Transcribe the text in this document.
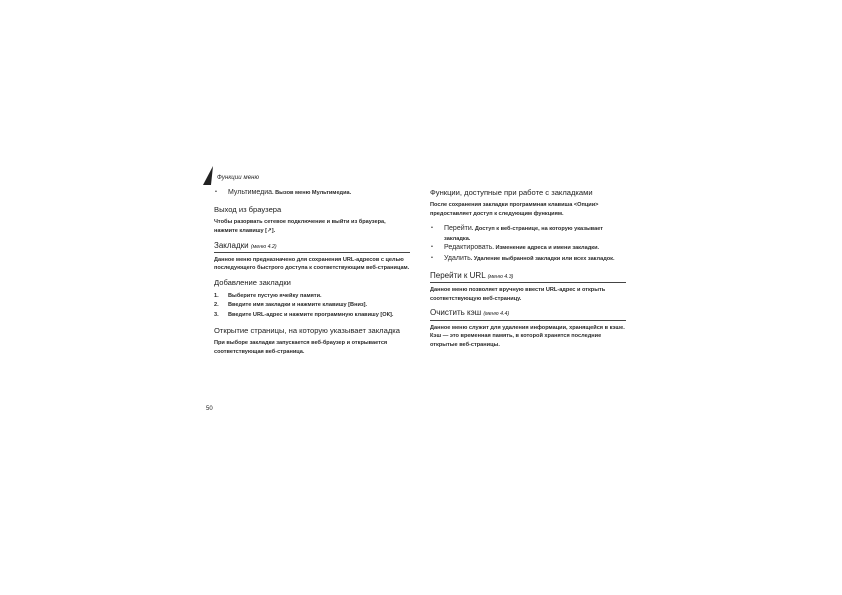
Функции меню
• Мультимедиа. Вызов меню Мультимедиа.
Выход из браузера

Чтобы разорвать сетевое подключение и выйти из браузера, нажмите клавишу [↗].

Закладки (меню 4.2)

Данное меню предназначено для сохранения URL-адресов с целью последующего быстрого доступа к соответствующим веб-страницам.

Добавление закладки
1. Выберите пустую ячейку памяти.
2. Введите имя закладки и нажмите клавишу [Вниз].
3. Введите URL-адрес и нажмите программную клавишу [ОК].
Открытие страницы, на которую указывает закладка

При выборе закладки запускается веб-браузер и открывается соответствующая веб-страница.

Функции, доступные при работе с закладками

После сохранения закладки программная клавиша <Опции> предоставляет доступ к следующим функциям.

• Перейти. Доступ к веб-странице, на которую указывает закладка.
• Редактировать. Изменение адреса и имени закладки.
• Удалить. Удаление выбранной закладки или всех закладок.
Перейти к URL (меню 4.3)

Данное меню позволяет вручную ввести URL-адрес и открыть соответствующую веб-страницу.

Очистить кэш (меню 4.4)

Данное меню служит для удаления информации, хранящейся в кэше. Кэш — это временная память, в которой хранятся последние открытые веб-страницы.

50
